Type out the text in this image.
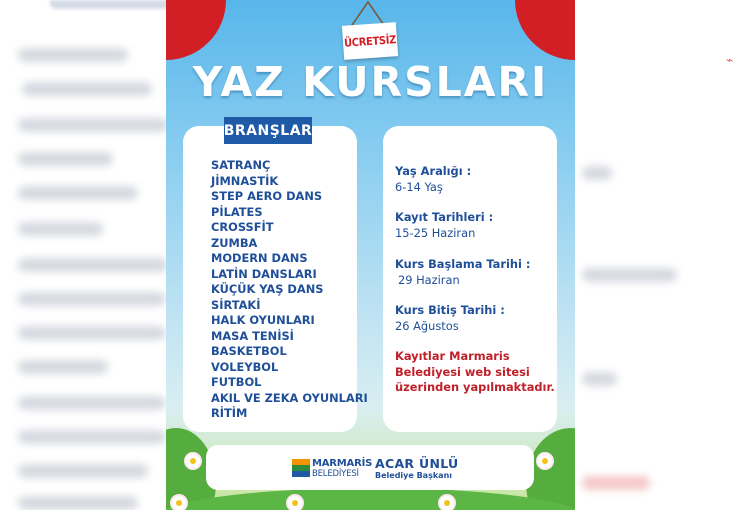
⌁
ÜCRETSİZ
YAZ KURSLARI
BRANŞLAR
SATRANÇ
JİMNASTİK
STEP AERO DANS
PİLATES
CROSSFİT
ZUMBA
MODERN DANS
LATİN DANSLARI
KÜÇÜK YAŞ DANS
SİRTAKİ
HALK OYUNLARI
MASA TENİSİ
BASKETBOL
VOLEYBOL
FUTBOL
AKIL VE ZEKA OYUNLARI
RİTİM
Yaş Aralığı :
6-14 Yaş
Kayıt Tarihleri :
15-25 Haziran
Kurs Başlama Tarihi :
29 Haziran
Kurs Bitiş Tarihi :
26 Ağustos
Kayıtlar Marmaris Belediyesi web sitesi üzerinden yapılmaktadır.
MARMARİS
BELEDİYESİ
ACAR ÜNLÜ
Belediye Başkanı
